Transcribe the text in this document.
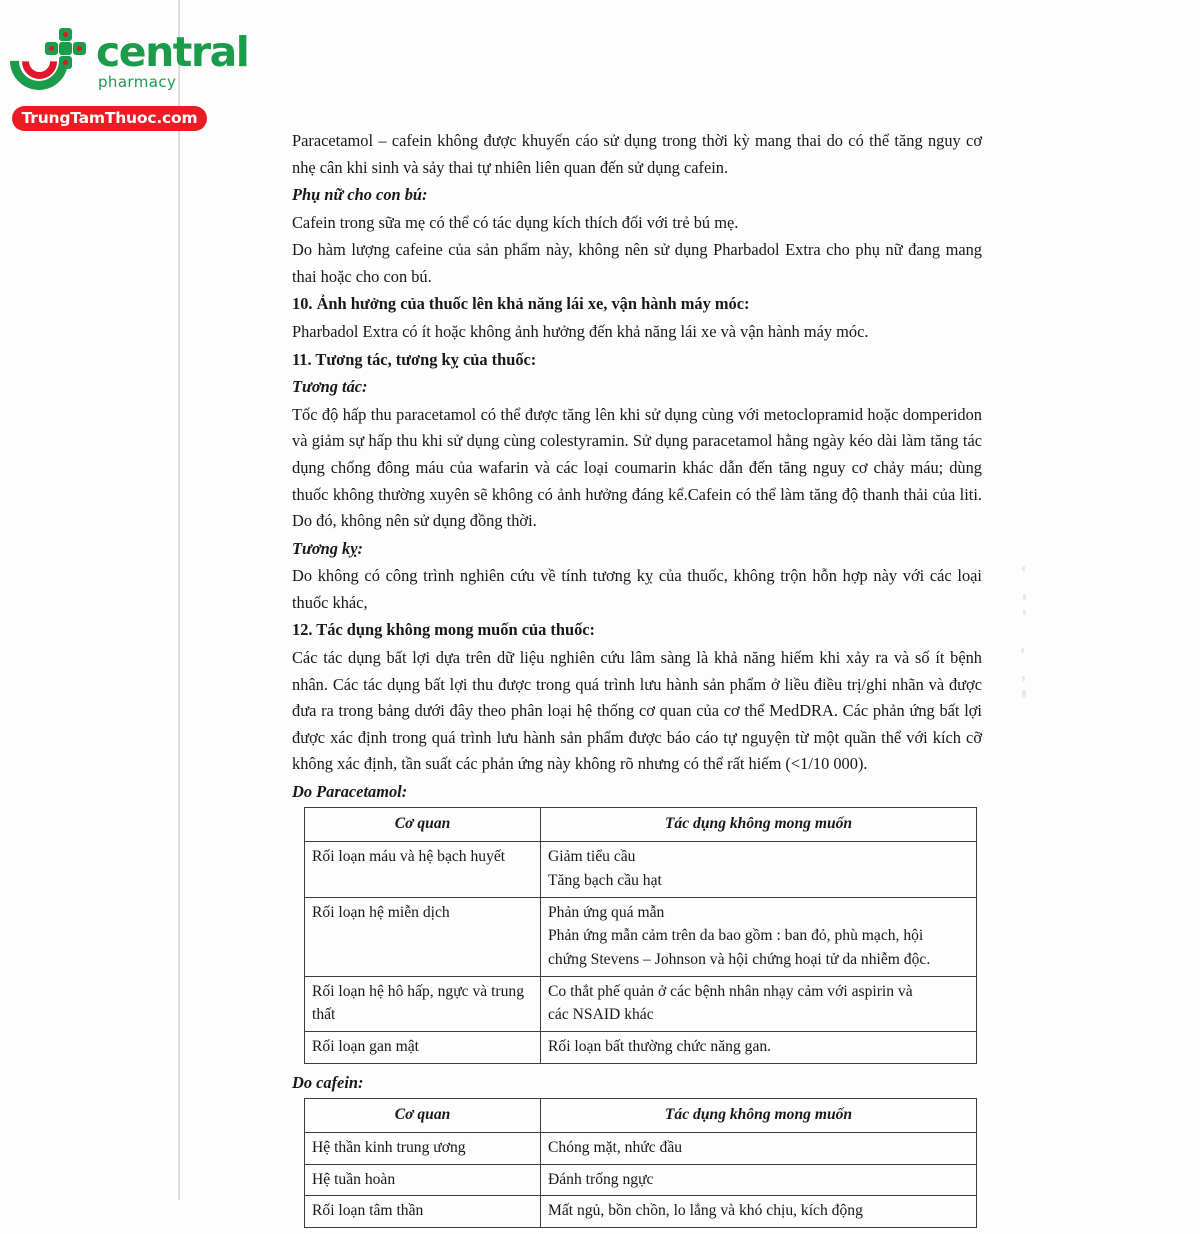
central
pharmacy
TrungTamThuoc.com

Paracetamol – cafein không được khuyến cáo sử dụng trong thời kỳ mang thai do có thể tăng nguy cơ nhẹ cân khi sinh và sảy thai tự nhiên liên quan đến sử dụng cafein.

Phụ nữ cho con bú:

Cafein trong sữa mẹ có thể có tác dụng kích thích đối với trẻ bú mẹ.

Do hàm lượng cafeine của sản phẩm này, không nên sử dụng Pharbadol Extra cho phụ nữ đang mang thai hoặc cho con bú.

10. Ảnh hưởng của thuốc lên khả năng lái xe, vận hành máy móc:

Pharbadol Extra có ít hoặc không ảnh hưởng đến khả năng lái xe và vận hành máy móc.

11. Tương tác, tương kỵ của thuốc:

Tương tác:

Tốc độ hấp thu paracetamol có thể được tăng lên khi sử dụng cùng với metoclopramid hoặc domperidon và giảm sự hấp thu khi sử dụng cùng colestyramin. Sử dụng paracetamol hằng ngày kéo dài làm tăng tác dụng chống đông máu của wafarin và các loại coumarin khác dẫn đến tăng nguy cơ chảy máu; dùng thuốc không thường xuyên sẽ không có ảnh hưởng đáng kể.Cafein có thể làm tăng độ thanh thải của liti. Do đó, không nên sử dụng đồng thời.

Tương kỵ:

Do không có công trình nghiên cứu về tính tương kỵ của thuốc, không trộn hỗn hợp này với các loại thuốc khác,

12. Tác dụng không mong muốn của thuốc:

Các tác dụng bất lợi dựa trên dữ liệu nghiên cứu lâm sàng là khả năng hiếm khi xảy ra và số ít bệnh nhân. Các tác dụng bất lợi thu được trong quá trình lưu hành sản phẩm ở liều điều trị/ghi nhãn và được đưa ra trong bảng dưới đây theo phân loại hệ thống cơ quan của cơ thể MedDRA. Các phản ứng bất lợi được xác định trong quá trình lưu hành sản phẩm được báo cáo tự nguyện từ một quần thể với kích cỡ không xác định, tần suất các phản ứng này không rõ nhưng có thể rất hiếm (<1/10 000).

Do Paracetamol:

Cơ quan	Tác dụng không mong muốn
Rối loạn máu và hệ bạch huyết	Giảm tiểu cầu
Tăng bạch cầu hạt

Rối loạn hệ miễn dịch	Phản ứng quá mẫn
Phản ứng mẫn cảm trên da bao gồm : ban đỏ, phù mạch, hội
chứng Stevens – Johnson và hội chứng hoại tử da nhiễm độc.

Rối loạn hệ hô hấp, ngực và trung thất	Co thắt phế quản ở các bệnh nhân nhạy cảm với aspirin và
các NSAID khác

Rối loạn gan mật	Rối loạn bất thường chức năng gan.

Do cafein:

Cơ quan	Tác dụng không mong muốn
Hệ thần kinh trung ương	Chóng mặt, nhức đầu
Hệ tuần hoàn	Đánh trống ngực
Rối loạn tâm thần	Mất ngủ, bồn chồn, lo lắng và khó chịu, kích động
